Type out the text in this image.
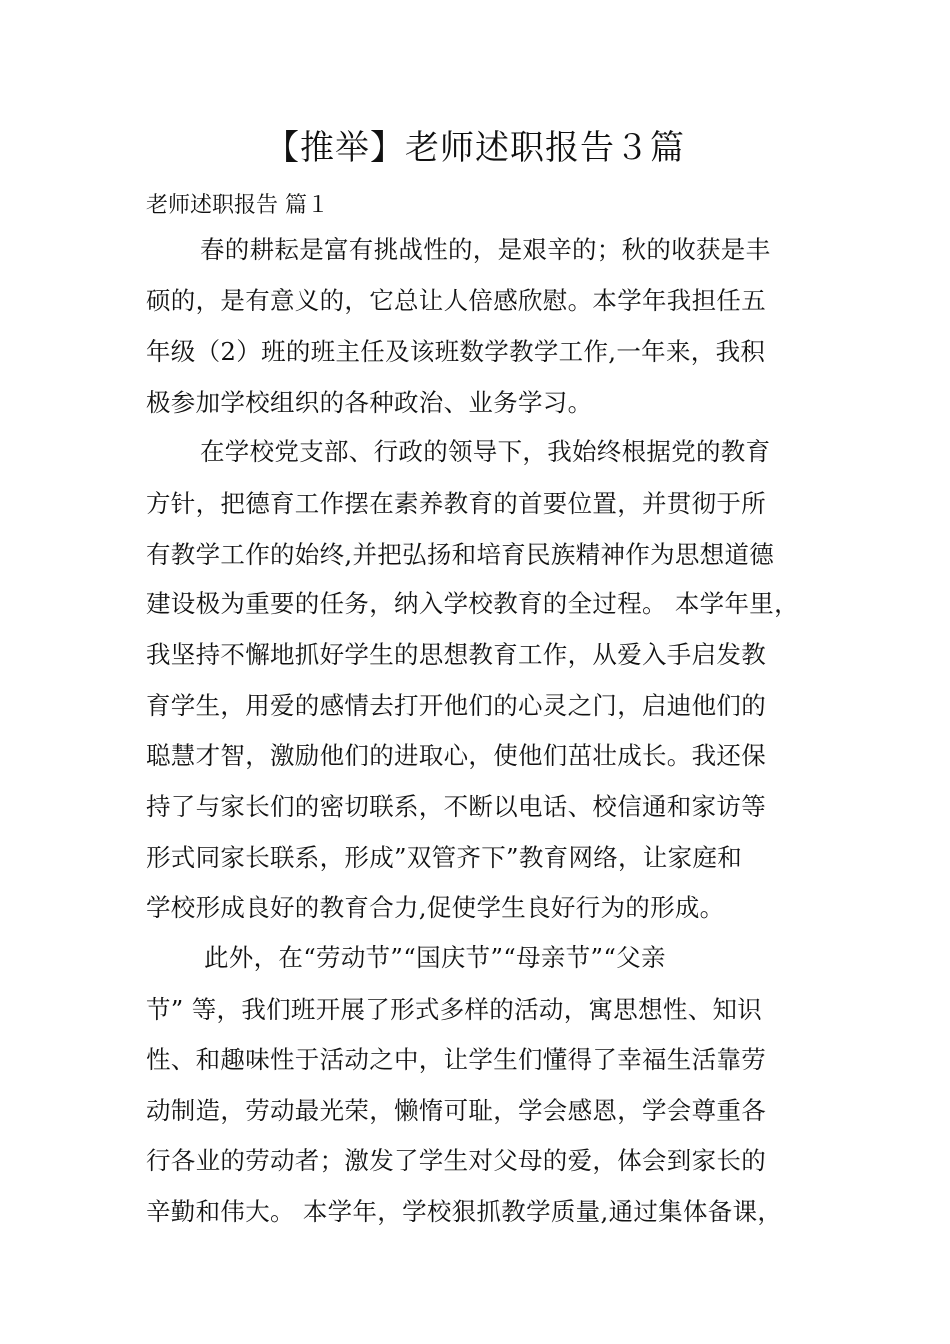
【推举】老师述职报告３篇
老师述职报告 篇１
春的耕耘是富有挑战性的，是艰辛的；秋的收获是丰
硕的，是有意义的，它总让人倍感欣慰。本学年我担任五
年级（2）班的班主任及该班数学教学工作,一年来，我积
极参加学校组织的各种政治、业务学习。
在学校党支部、行政的领导下，我始终根据党的教育
方针，把德育工作摆在素养教育的首要位置，并贯彻于所
有教学工作的始终,并把弘扬和培育民族精神作为思想道德
建设极为重要的任务，纳入学校教育的全过程。 本学年里，
我坚持不懈地抓好学生的思想教育工作，从爱入手启发教
育学生，用爱的感情去打开他们的心灵之门，启迪他们的
聪慧才智，激励他们的进取心，使他们茁壮成长。我还保
持了与家长们的密切联系，不断以电话、校信通和家访等
形式同家长联系，形成”双管齐下”教育网络，让家庭和
学校形成良好的教育合力,促使学生良好行为的形成。
此外，在“劳动节”“国庆节”“母亲节”“父亲
节” 等，我们班开展了形式多样的活动，寓思想性、知识
性、和趣味性于活动之中，让学生们懂得了幸福生活靠劳
动制造，劳动最光荣，懒惰可耻，学会感恩，学会尊重各
行各业的劳动者；激发了学生对父母的爱，体会到家长的
辛勤和伟大。 本学年，学校狠抓教学质量,通过集体备课，
